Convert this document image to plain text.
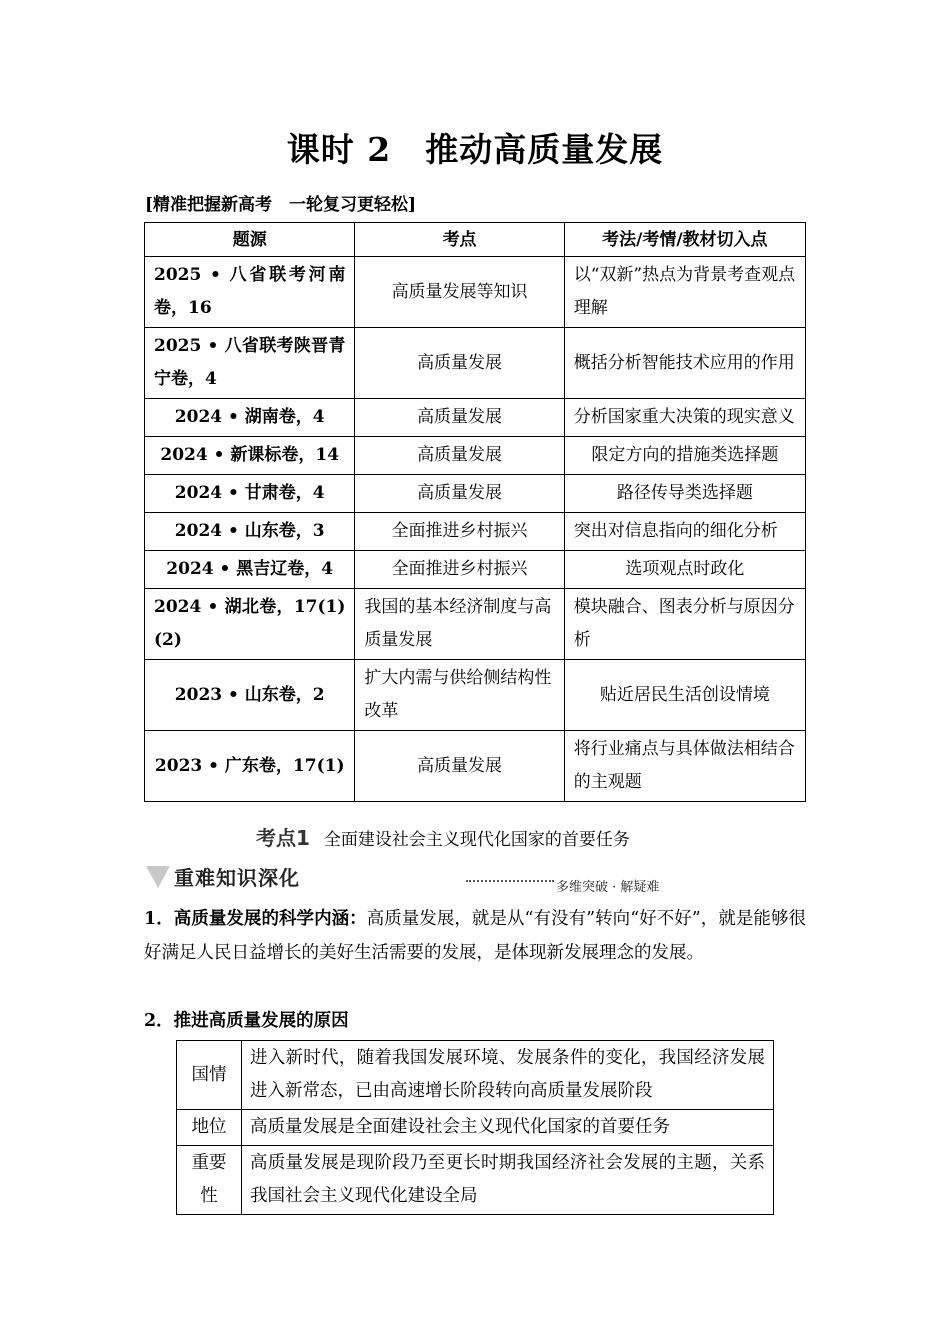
课时 2　推动高质量发展
[精准把握新高考　一轮复习更轻松]
题源	考点	考法/考情/教材切入点
2025 • 八省联考河南卷，16	高质量发展等知识	以“双新”热点为背景考查观点理解
2025 • 八省联考陕晋青宁卷，4	高质量发展	概括分析智能技术应用的作用
2024 • 湖南卷，4	高质量发展	分析国家重大决策的现实意义
2024 • 新课标卷，14	高质量发展	限定方向的措施类选择题
2024 • 甘肃卷，4	高质量发展	路径传导类选择题
2024 • 山东卷，3	全面推进乡村振兴	突出对信息指向的细化分析
2024 • 黑吉辽卷，4	全面推进乡村振兴	选项观点时政化
2024 • 湖北卷，17(1)(2)	我国的基本经济制度与高质量发展	模块融合、图表分析与原因分析
2023 • 山东卷，2	扩大内需与供给侧结构性改革	贴近居民生活创设情境
2023 • 广东卷，17(1)	高质量发展	将行业痛点与具体做法相结合的主观题
考点1 全面建设社会主义现代化国家的首要任务
重难知识深化	多维突破 · 解疑难
1．高质量发展的科学内涵：高质量发展，就是从“有没有”转向“好不好”，就是能够很好满足人民日益增长的美好生活需要的发展，是体现新发展理念的发展。
2．推进高质量发展的原因
国情	进入新时代，随着我国发展环境、发展条件的变化，我国经济发展进入新常态，已由高速增长阶段转向高质量发展阶段
地位	高质量发展是全面建设社会主义现代化国家的首要任务
重要性	高质量发展是现阶段乃至更长时期我国经济社会发展的主题，关系我国社会主义现代化建设全局
